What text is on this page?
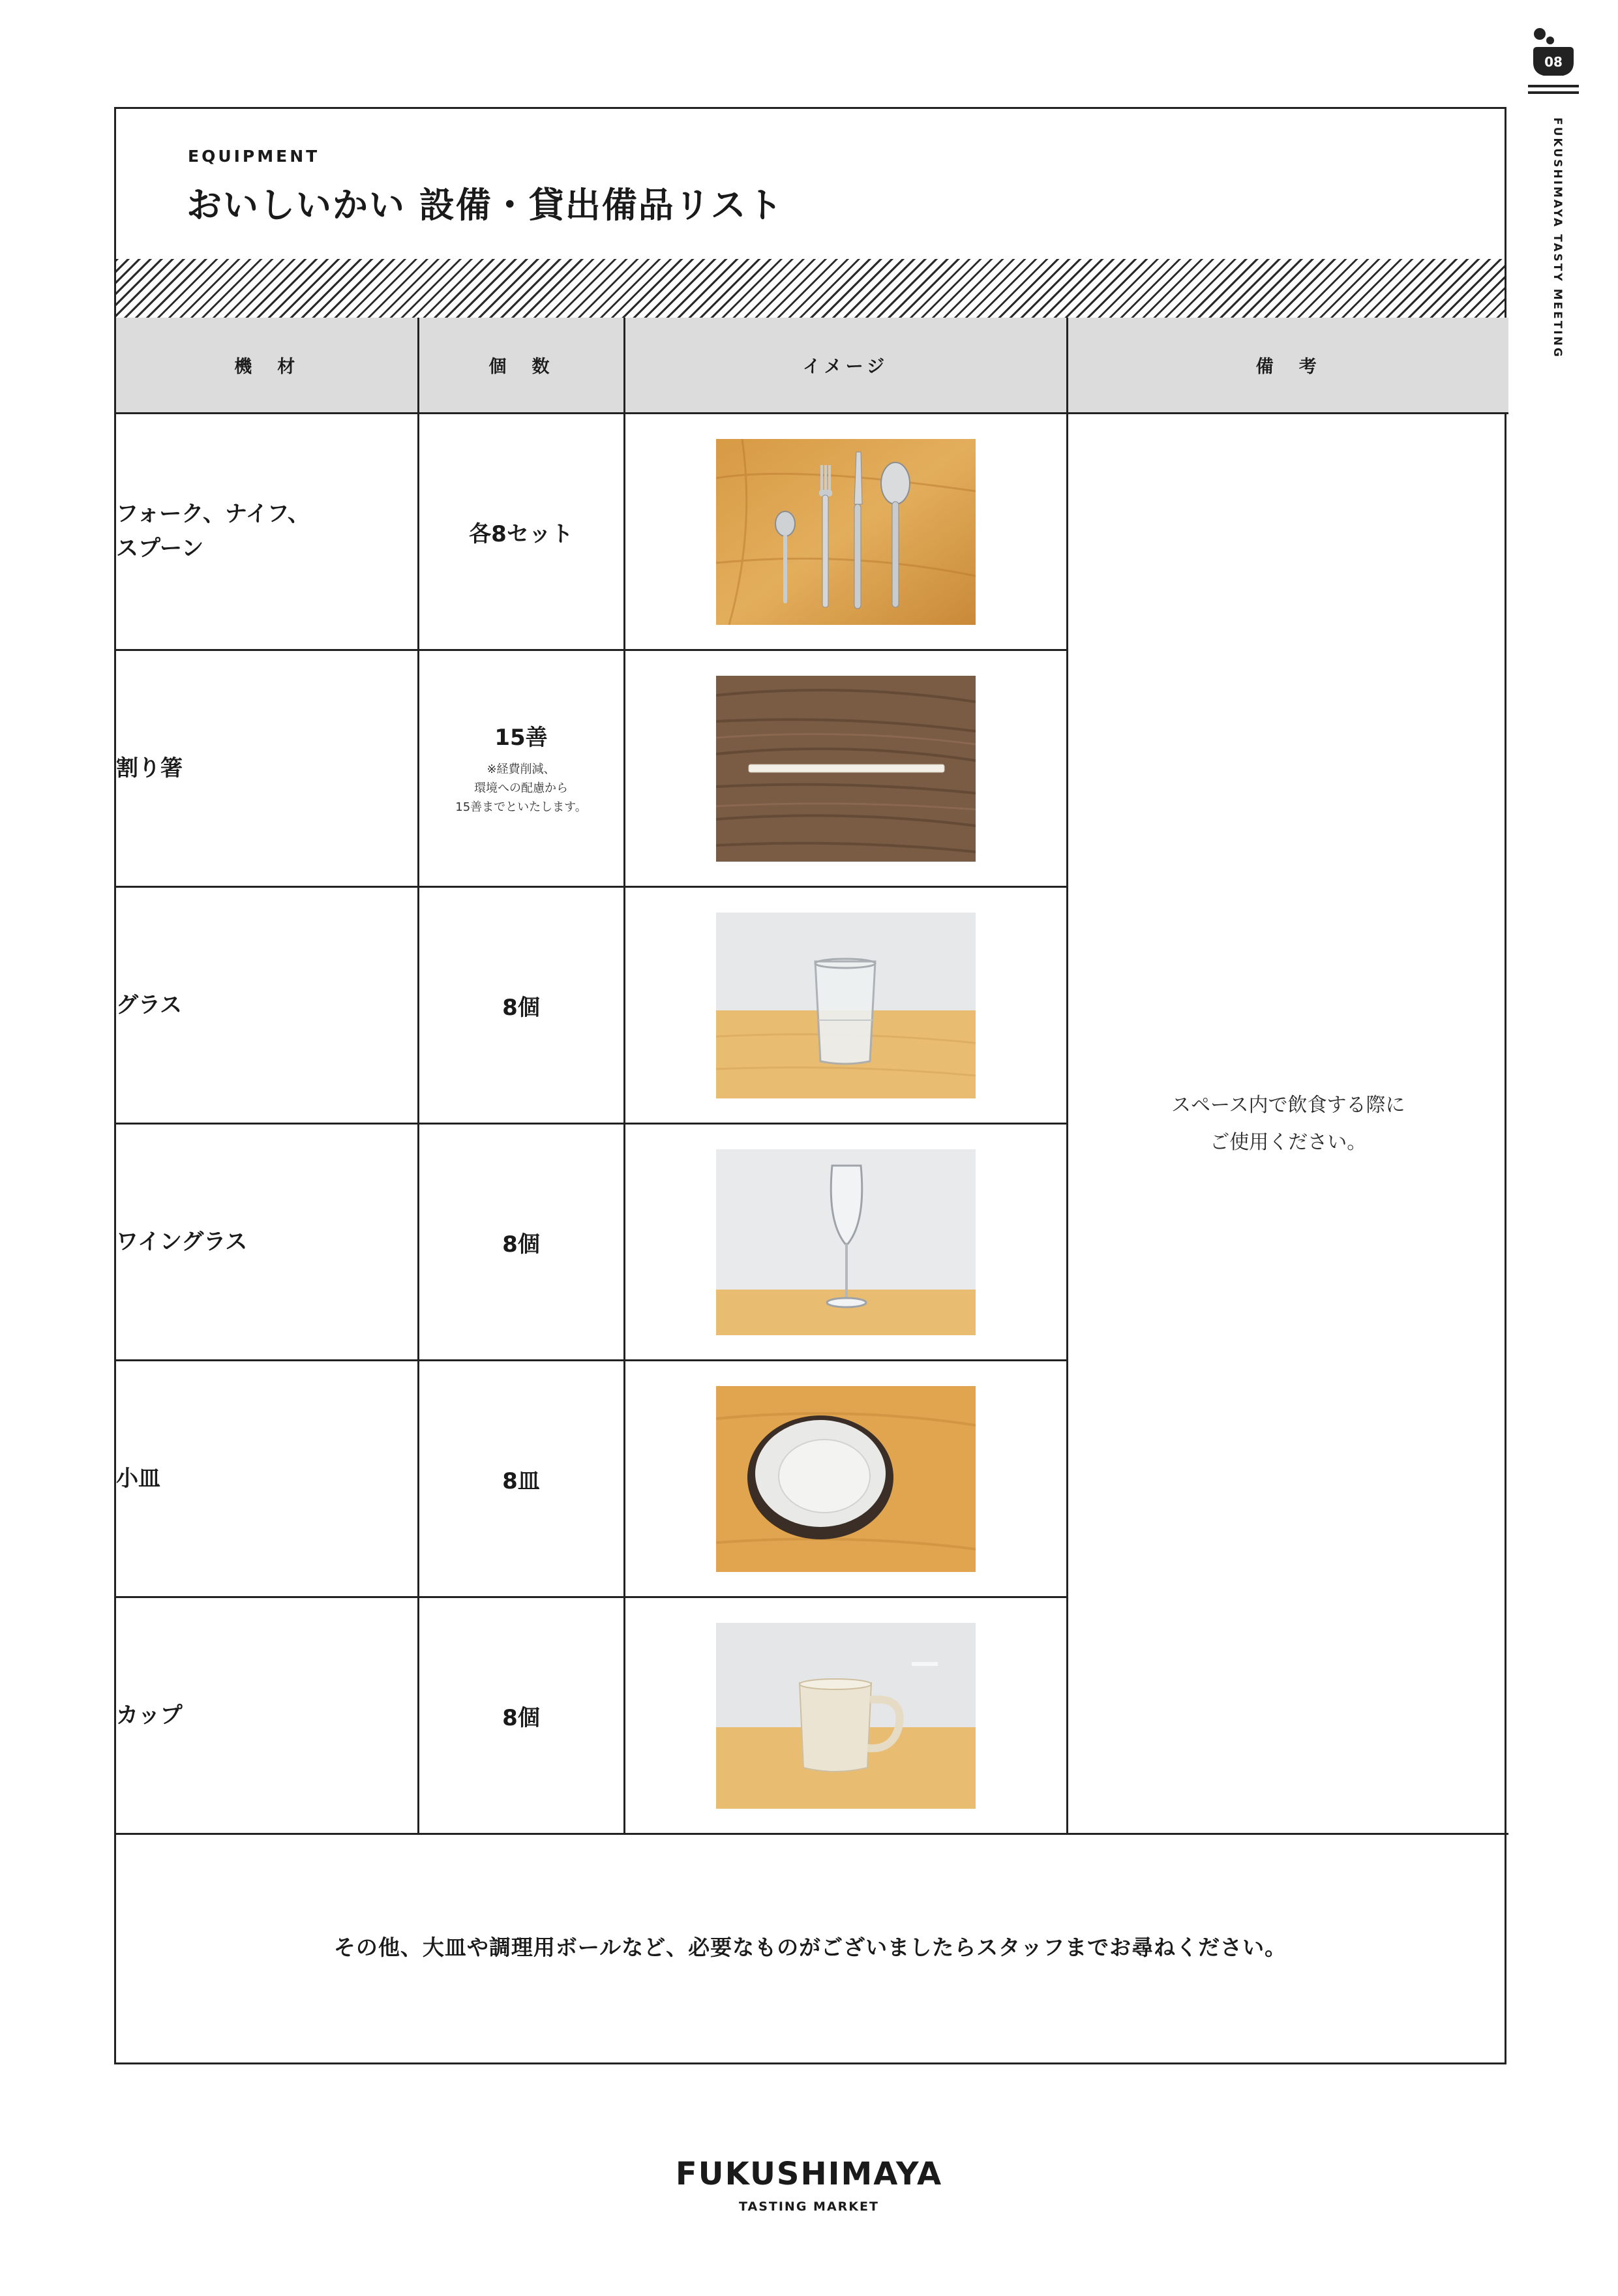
08
FUKUSHIMAYA TASTY MEETING
EQUIPMENT
おいしいかい 設備・貸出備品リスト
機　材	個　数	イメージ	備　考
フォーク、ナイフ、
スプーン	各8セット		スペース内で飲食する際に
ご使用ください。
割り箸	15善
※経費削減、
環境への配慮から
15善までといたします。

グラス	8個	
ワイングラス	8個	
小皿	8皿	
カップ	8個	
その他、大皿や調理用ボールなど、必要なものがございましたらスタッフまでお尋ねください。
FUKUSHIMAYA
TASTING MARKET
